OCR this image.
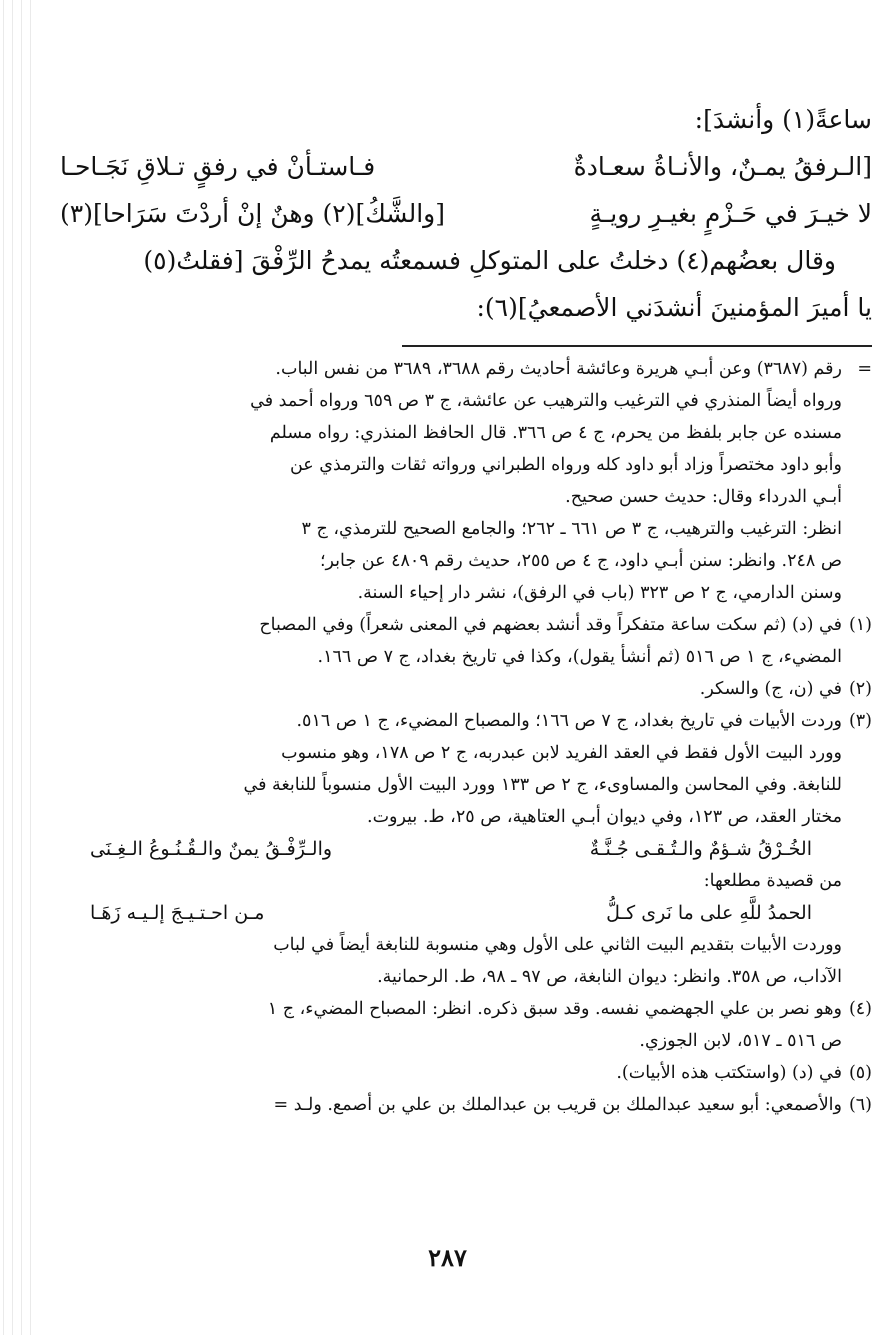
ساعةً(١) وأنشدَ]:

[الـرفقُ يمـنٌ، والأنـاةُ سعـادةٌ
فـاستـأنْ في رفقٍ تـلاقِ نَجَـاحـا
لا خيـرَ في حَـزْمٍ بغيـرِ رويـةٍ
[والشَّكُ](٢) وهنٌ إنْ أردْتَ سَرَاحا](٣)

وقال بعضُهم(٤) دخلتُ على المتوكلِ فسمعتُه يمدحُ الرِّفْقَ [فقلتُ(٥)

يا أميرَ المؤمنينَ أنشدَني الأصمعيُ](٦):

=
رقم (٣٦٨٧) وعن أبـي هريرة وعائشة أحاديث رقم ٣٦٨٨، ٣٦٨٩ من نفس الباب.
ورواه أيضاً المنذري في الترغيب والترهيب عن عائشة، ج ٣ ص ٦٥٩ ورواه أحمد في
مسنده عن جابر بلفظ من يحرم، ج ٤ ص ٣٦٦. قال الحافظ المنذري: رواه مسلم
وأبو داود مختصراً وزاد أبو داود كله ورواه الطبراني ورواته ثقات والترمذي عن
أبـي الدرداء وقال: حديث حسن صحيح.
انظر: الترغيب والترهيب، ج ٣ ص ٦٦١ ـ ٢٦٢؛ والجامع الصحيح للترمذي، ج ٣
ص ٢٤٨. وانظر: سنن أبـي داود، ج ٤ ص ٢٥٥، حديث رقم ٤٨٠٩ عن جابر؛
وسنن الدارمي، ج ٢ ص ٣٢٣ (باب في الرفق)، نشر دار إحياء السنة.
(١)
في (د) (ثم سكت ساعة متفكراً وقد أنشد بعضهم في المعنى شعراً) وفي المصباح
المضيء، ج ١ ص ٥١٦ (ثم أنشأ يقول)، وكذا في تاريخ بغداد، ج ٧ ص ١٦٦.
(٢)
في (ن، ج) والسكر.
(٣)
وردت الأبيات في تاريخ بغداد، ج ٧ ص ١٦٦؛ والمصباح المضيء، ج ١ ص ٥١٦.
وورد البيت الأول فقط في العقد الفريد لابن عبدربه، ج ٢ ص ١٧٨، وهو منسوب
للنابغة. وفي المحاسن والمساوىء، ج ٢ ص ١٣٣ وورد البيت الأول منسوباً للنابغة في
مختار العقد، ص ١٢٣، وفي ديوان أبـي العتاهية، ص ٢٥، ط. بيروت.
الخُـرْقُ شـؤمٌ والـتُـقـى جُـنَّـةٌ
والـرِّفْـقُ يمنٌ والـقُـنُـوعُ الـغِـنَى
من قصيدة مطلعها:
الحمدُ للَّهِ على ما نَرى كـلُّ
مـن احـتـيـجَ إلـيـه زَهَـا
ووردت الأبيات بتقديم البيت الثاني على الأول وهي منسوبة للنابغة أيضاً في لباب
الآداب، ص ٣٥٨. وانظر: ديوان النابغة، ص ٩٧ ـ ٩٨، ط. الرحمانية.
(٤)
وهو نصر بن علي الجهضمي نفسه. وقد سبق ذكره. انظر: المصباح المضيء، ج ١
ص ٥١٦ ـ ٥١٧، لابن الجوزي.
(٥)
في (د) (واستكتب هذه الأبيات).
(٦)
والأصمعي: أبو سعيد عبدالملك بن قريب بن عبدالملك بن علي بن أصمع. ولـد =
٢٨٧
